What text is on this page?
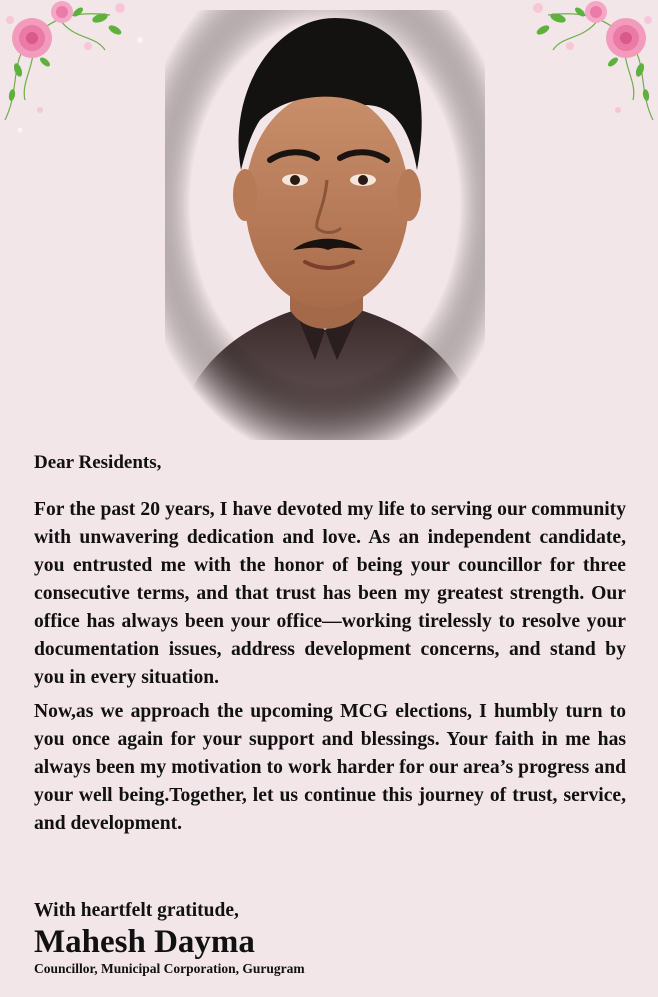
Dear Residents,

For the past 20 years, I have devoted my life to serving our community with unwavering dedication and love. As an independent candidate, you entrusted me with the honor of being your councillor for three consecutive terms, and that trust has been my greatest strength. Our office has always been your office—working tirelessly to resolve your documentation issues, address development concerns, and stand by you in every situation.

Now,as we approach the upcoming MCG elections, I humbly turn to you once again for your support and blessings. Your faith in me has always been my motivation to work harder for our area’s progress and your well being.Together, let us continue this journey of trust, service, and development.

With heartfelt gratitude,

Mahesh Dayma

Councillor, Municipal Corporation, Gurugram
